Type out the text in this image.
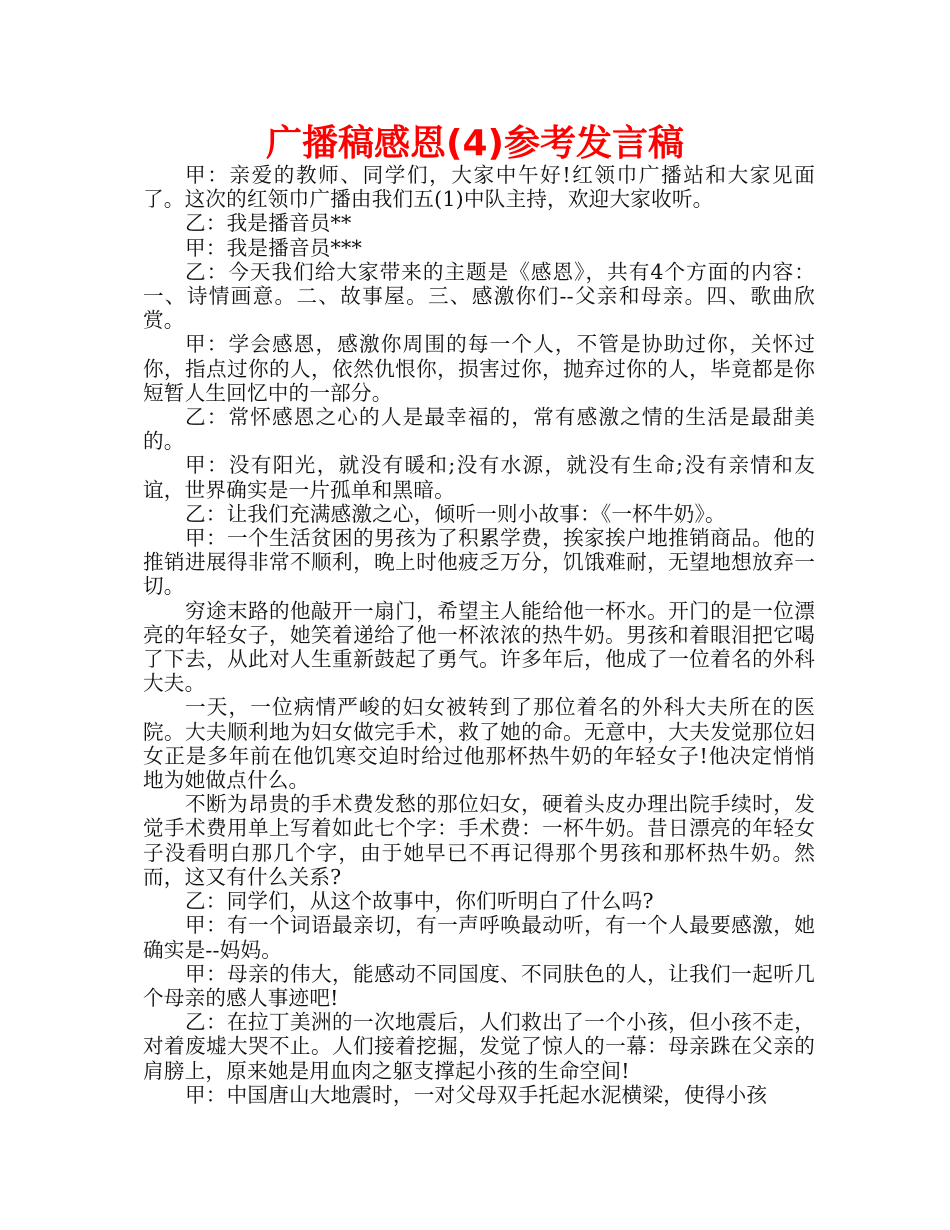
广播稿感恩(4)参考发言稿

甲：亲爱的教师、同学们，大家中午好!红领巾广播站和大家见面了。这次的红领巾广播由我们五(1)中队主持，欢迎大家收听。

乙：我是播音员**

甲：我是播音员***

乙：今天我们给大家带来的主题是《感恩》，共有4个方面的内容：一、诗情画意。二、故事屋。三、感激你们--父亲和母亲。四、歌曲欣赏。

甲：学会感恩，感激你周围的每一个人，不管是协助过你，关怀过你，指点过你的人，依然仇恨你，损害过你，抛弃过你的人，毕竟都是你短暂人生回忆中的一部分。

乙：常怀感恩之心的人是最幸福的，常有感激之情的生活是最甜美的。

甲：没有阳光，就没有暖和;没有水源，就没有生命;没有亲情和友谊，世界确实是一片孤单和黑暗。

乙：让我们充满感激之心，倾听一则小故事：《一杯牛奶》。

甲：一个生活贫困的男孩为了积累学费，挨家挨户地推销商品。他的推销进展得非常不顺利，晚上时他疲乏万分，饥饿难耐，无望地想放弃一切。

穷途末路的他敲开一扇门，希望主人能给他一杯水。开门的是一位漂亮的年轻女子，她笑着递给了他一杯浓浓的热牛奶。男孩和着眼泪把它喝了下去，从此对人生重新鼓起了勇气。许多年后，他成了一位着名的外科大夫。

一天，一位病情严峻的妇女被转到了那位着名的外科大夫所在的医院。大夫顺利地为妇女做完手术，救了她的命。无意中，大夫发觉那位妇女正是多年前在他饥寒交迫时给过他那杯热牛奶的年轻女子!他决定悄悄地为她做点什么。

不断为昂贵的手术费发愁的那位妇女，硬着头皮办理出院手续时，发觉手术费用单上写着如此七个字：手术费：一杯牛奶。昔日漂亮的年轻女子没看明白那几个字，由于她早已不再记得那个男孩和那杯热牛奶。然而，这又有什么关系?

乙：同学们，从这个故事中，你们听明白了什么吗?

甲：有一个词语最亲切，有一声呼唤最动听，有一个人最要感激，她确实是--妈妈。

甲：母亲的伟大，能感动不同国度、不同肤色的人，让我们一起听几个母亲的感人事迹吧!

乙：在拉丁美洲的一次地震后，人们救出了一个小孩，但小孩不走，对着废墟大哭不止。人们接着挖掘，发觉了惊人的一幕：母亲跦在父亲的肩膀上，原来她是用血肉之躯支撑起小孩的生命空间!

甲：中国唐山大地震时，一对父母双手托起水泥横梁，使得小孩
